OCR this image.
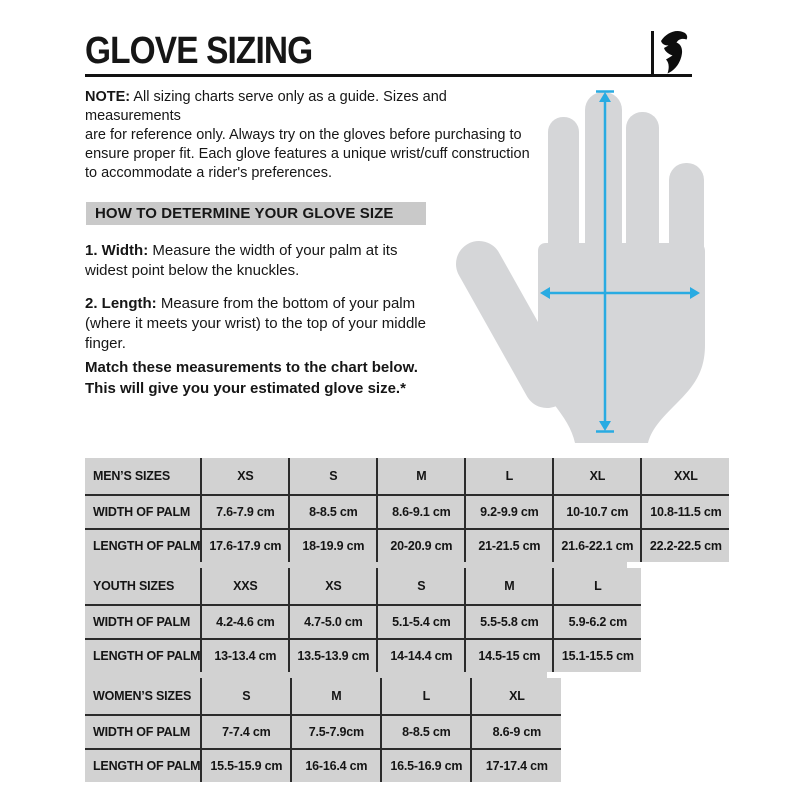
GLOVE SIZING

NOTE: All sizing charts serve only as a guide. Sizes and measurements
are for reference only. Always try on the gloves before purchasing to
ensure proper fit. Each glove features a unique wrist/cuff construction
to accommodate a rider's preferences.

HOW TO DETERMINE YOUR GLOVE SIZE

1. Width: Measure the width of your palm at its widest point below the knuckles.

2. Length: Measure from the bottom of your palm (where it meets your wrist) to the top of your middle finger.

Match these measurements to the chart below.
This will give you your estimated glove size.*

MEN’S SIZES	XS	S	M	L	XL	XXL
WIDTH OF PALM	7.6-7.9 cm	8-8.5 cm	8.6-9.1 cm	9.2-9.9 cm	10-10.7 cm	10.8-11.5 cm
LENGTH OF PALM	17.6-17.9 cm	18-19.9 cm	20-20.9 cm	21-21.5 cm	21.6-22.1 cm	22.2-22.5 cm
YOUTH SIZES	XXS	XS	S	M	L
WIDTH OF PALM	4.2-4.6 cm	4.7-5.0 cm	5.1-5.4 cm	5.5-5.8 cm	5.9-6.2 cm
LENGTH OF PALM	13-13.4 cm	13.5-13.9 cm	14-14.4 cm	14.5-15 cm	15.1-15.5 cm
WOMEN’S SIZES	S	M	L	XL
WIDTH OF PALM	7-7.4 cm	7.5-7.9cm	8-8.5 cm	8.6-9 cm
LENGTH OF PALM	15.5-15.9 cm	16-16.4 cm	16.5-16.9 cm	17-17.4 cm
